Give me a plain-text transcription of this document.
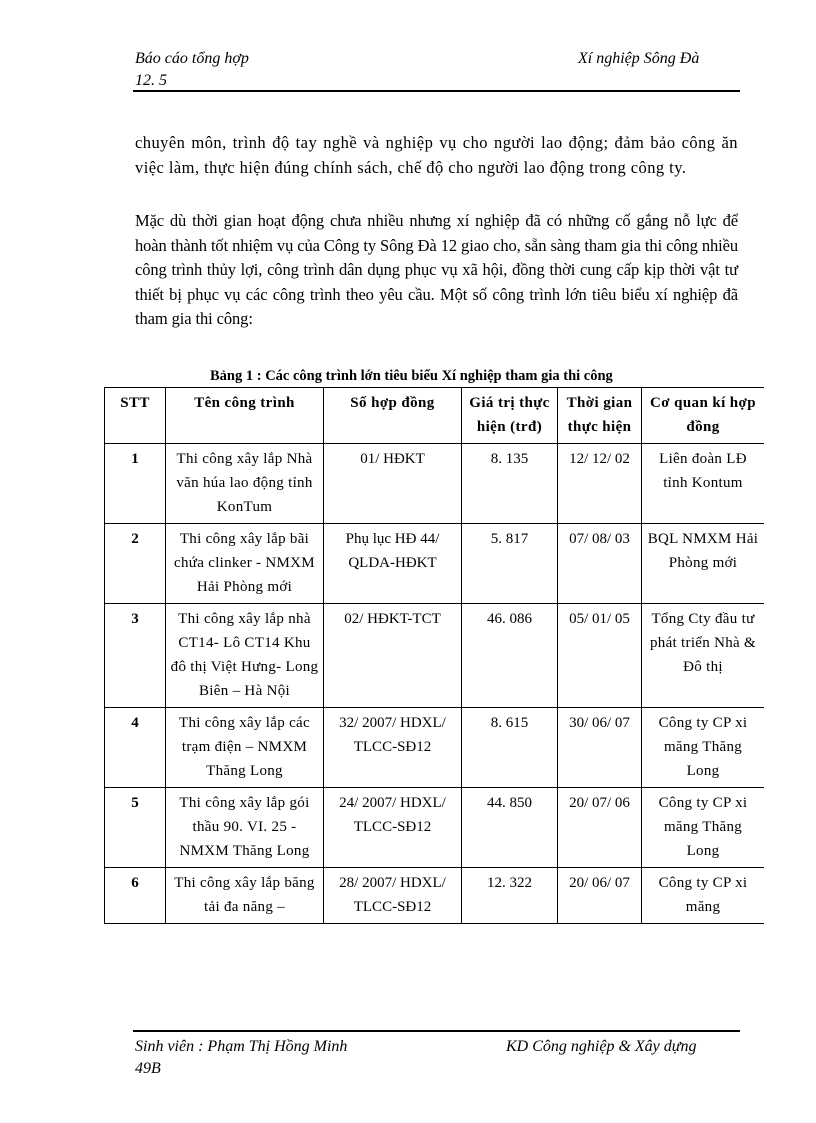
Báo cáo tổng hợp
12. 5
Xí nghiệp Sông Đà
chuyên môn, trình độ tay nghề và nghiệp vụ cho người lao động; đảm bảo công ăn việc làm, thực hiện đúng chính sách, chế độ cho người lao động trong công ty.
Mặc dù thời gian hoạt động chưa nhiều nhưng xí nghiệp đã có những cố gắng nỗ lực để hoàn thành tốt nhiệm vụ của Công ty Sông Đà 12 giao cho, sẵn sàng tham gia thi công nhiều công trình thủy lợi, công trình dân dụng phục vụ xã hội, đồng thời cung cấp kịp thời vật tư thiết bị phục vụ các công trình theo yêu cầu. Một số công trình lớn tiêu biểu xí nghiệp đã tham gia thi công:
Bảng 1 : Các công trình lớn tiêu biểu Xí nghiệp tham gia thi công
STT	Tên công trình	Số hợp đồng	Giá trị thực hiện (trđ)	Thời gian thực hiện	Cơ quan kí hợp đồng
1	Thi công xây lắp Nhà văn húa lao động tỉnh KonTum	01/ HĐKT	8. 135	12/ 12/ 02	Liên đoàn LĐ tỉnh Kontum
2	Thi công xây lắp bãi chứa clinker - NMXM Hải Phòng mới	Phụ lục HĐ 44/ QLDA-HĐKT	5. 817	07/ 08/ 03	BQL NMXM Hải Phòng mới
3	Thi công xây lắp nhà CT14- Lô CT14 Khu đô thị Việt Hưng- Long Biên – Hà Nội	02/ HĐKT-TCT	46. 086	05/ 01/ 05	Tổng Cty đầu tư phát triển Nhà & Đô thị
4	Thi công xây lắp các trạm điện – NMXM Thăng Long	32/ 2007/ HDXL/ TLCC-SĐ12	8. 615	30/ 06/ 07	Công ty CP xi măng Thăng Long
5	Thi công xây lắp gói thầu 90. VI. 25 - NMXM Thăng Long	24/ 2007/ HDXL/ TLCC-SĐ12	44. 850	20/ 07/ 06	Công ty CP xi măng Thăng Long
6	Thi công xây lắp băng tải đa năng –	28/ 2007/ HDXL/ TLCC-SĐ12	12. 322	20/ 06/ 07	Công ty CP xi măng
Sinh viên : Phạm Thị Hồng Minh
49B
KD Công nghiệp & Xây dựng
